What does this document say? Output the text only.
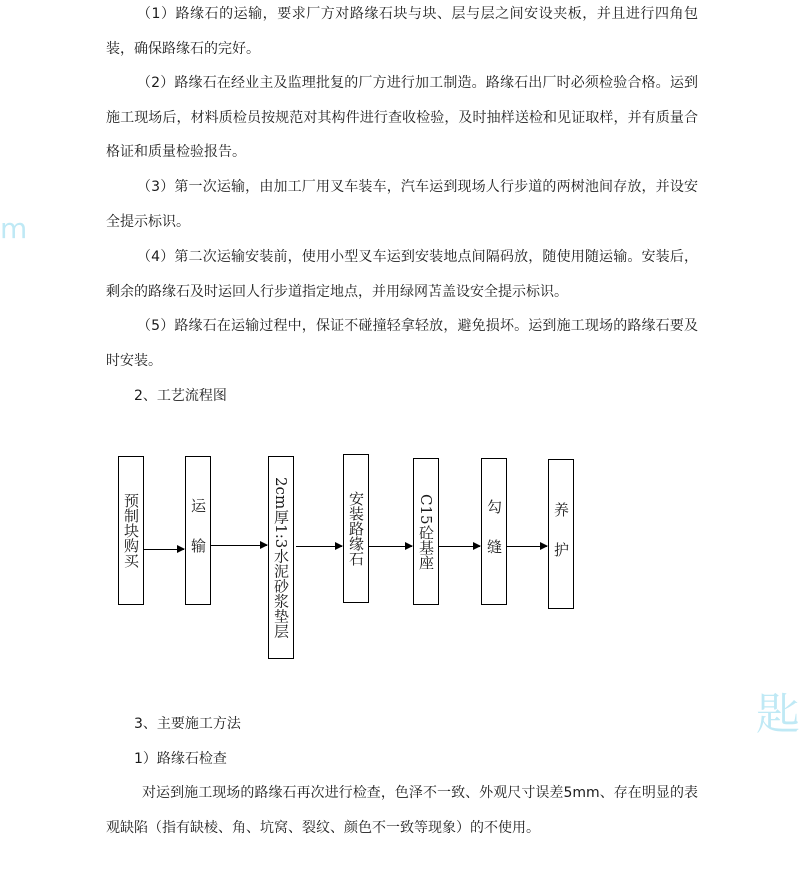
（1）路缘石的运输，要求厂方对路缘石块与块、层与层之间安设夹板，并且进行四角包装，确保路缘石的完好。

（2）路缘石在经业主及监理批复的厂方进行加工制造。路缘石出厂时必须检验合格。运到施工现场后，材料质检员按规范对其构件进行查收检验，及时抽样送检和见证取样，并有质量合格证和质量检验报告。

（3）第一次运输，由加工厂用叉车装车，汽车运到现场人行步道的两树池间存放，并设安全提示标识。

（4）第二次运输安装前，使用小型叉车运到安装地点间隔码放，随使用随运输。安装后，剩余的路缘石及时运回人行步道指定地点，并用绿网苫盖设安全提示标识。

（5）路缘石在运输过程中，保证不碰撞轻拿轻放，避免损坏。运到施工现场的路缘石要及时安装。

2、工艺流程图
预制块购买	运 输	2cm厚1:3水泥砂浆垫层	安装路缘石	C15砼基座	勾 缝	养 护
3、主要施工方法
1）路缘石检查

对运到施工现场的路缘石再次进行检查，色泽不一致、外观尺寸误差5mm、存在明显的表观缺陷（指有缺棱、角、坑窝、裂纹、颜色不一致等现象）的不使用。

m
匙
